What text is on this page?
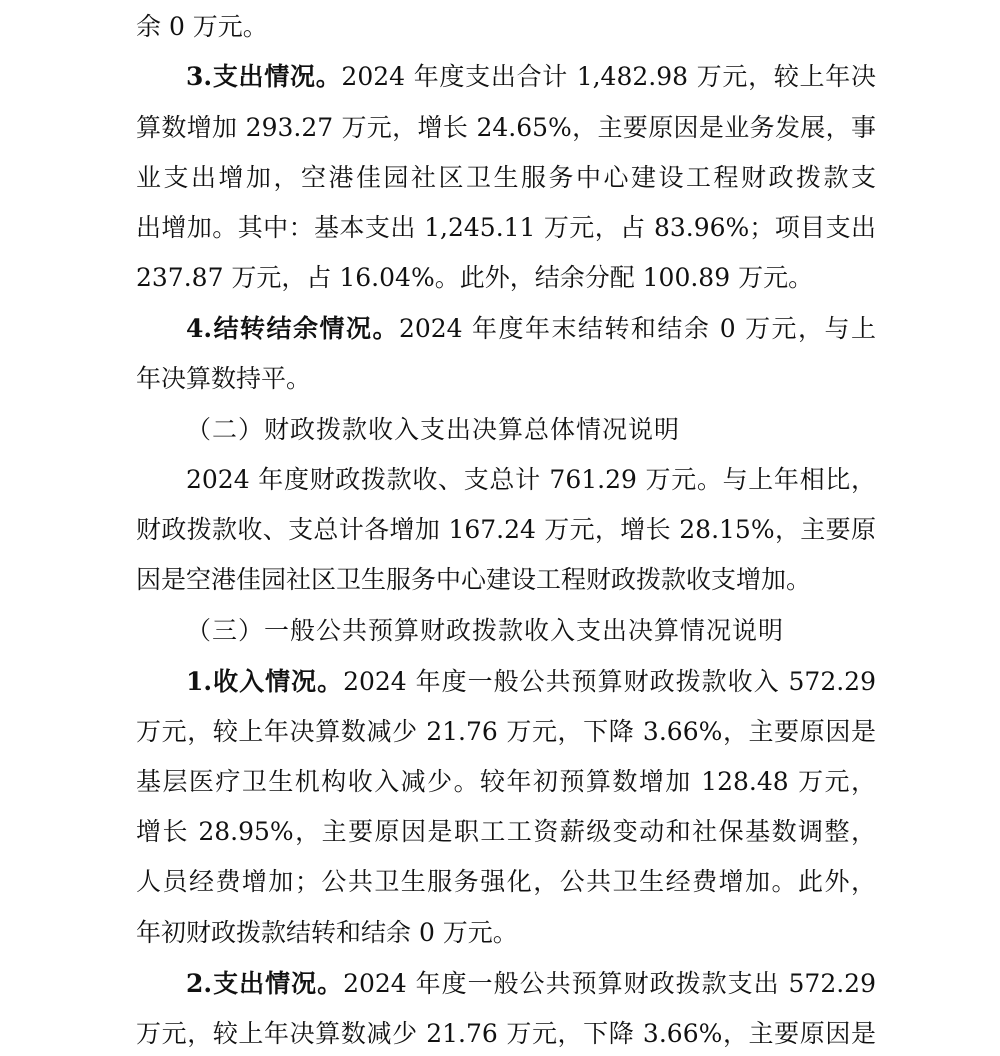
余 0 万元。
3.支出情况。2024 年度支出合计 1,482.98 万元，较上年决
算数增加 293.27 万元，增长 24.65%，主要原因是业务发展，事
业支出增加，空港佳园社区卫生服务中心建设工程财政拨款支
出增加。其中：基本支出 1,245.11 万元，占 83.96%；项目支出
237.87 万元，占 16.04%。此外，结余分配 100.89 万元。
4.结转结余情况。2024 年度年末结转和结余 0 万元，与上
年决算数持平。
（二）财政拨款收入支出决算总体情况说明
2024 年度财政拨款收、支总计 761.29 万元。与上年相比，
财政拨款收、支总计各增加 167.24 万元，增长 28.15%，主要原
因是空港佳园社区卫生服务中心建设工程财政拨款收支增加。
（三）一般公共预算财政拨款收入支出决算情况说明
1.收入情况。2024 年度一般公共预算财政拨款收入 572.29
万元，较上年决算数减少 21.76 万元，下降 3.66%，主要原因是
基层医疗卫生机构收入减少。较年初预算数增加 128.48 万元，
增长 28.95%，主要原因是职工工资薪级变动和社保基数调整，
人员经费增加；公共卫生服务强化，公共卫生经费增加。此外，
年初财政拨款结转和结余 0 万元。
2.支出情况。2024 年度一般公共预算财政拨款支出 572.29
万元，较上年决算数减少 21.76 万元，下降 3.66%，主要原因是
